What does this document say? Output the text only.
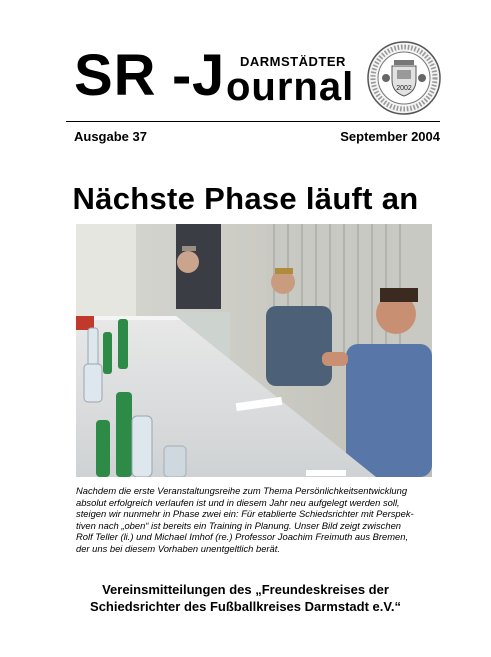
SR - J DARMSTÄDTER
ournal	2002
Ausgabe 37	September 2004
Nächste Phase läuft an

Nachdem die erste Veranstaltungsreihe zum Thema Persönlichkeitsentwicklung

absolut erfolgreich verlaufen ist und in diesem Jahr neu aufgelegt werden soll,

steigen wir nunmehr in Phase zwei ein: Für etablierte Schiedsrichter mit Perspek-

tiven nach „oben“ ist bereits ein Training in Planung. Unser Bild zeigt zwischen

Rolf Teller (li.) und Michael Imhof (re.) Professor Joachim Freimuth aus Bremen,

der uns bei diesem Vorhaben unentgeltlich berät.

Vereinsmitteilungen des „Freundeskreises der
Schiedsrichter des Fußballkreises Darmstadt e.V.“
